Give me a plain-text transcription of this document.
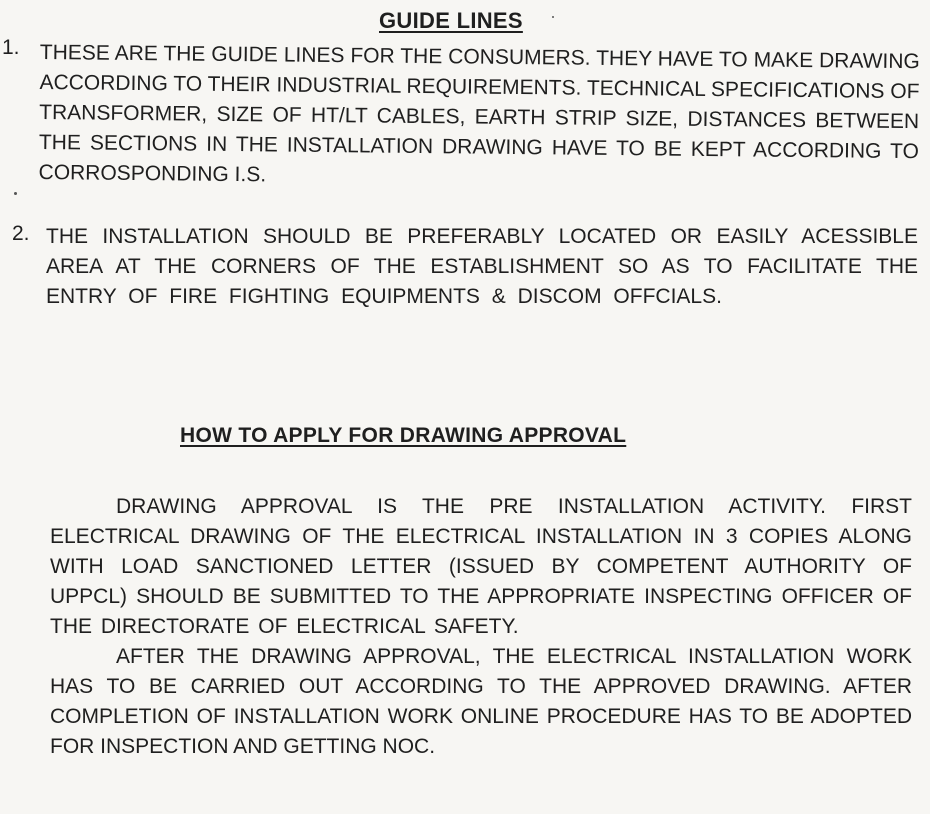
GUIDE LINES
1. THESE ARE THE GUIDE LINES FOR THE CONSUMERS. THEY HAVE TO MAKE DRAWING ACCORDING TO THEIR INDUSTRIAL REQUIREMENTS. TECHNICAL SPECIFICATIONS OF TRANSFORMER, SIZE OF HT/LT CABLES, EARTH STRIP SIZE, DISTANCES BETWEEN THE SECTIONS IN THE INSTALLATION DRAWING HAVE TO BE KEPT ACCORDING TO CORROSPONDING I.S.
2. THE INSTALLATION SHOULD BE PREFERABLY LOCATED OR EASILY ACESSIBLE AREA AT THE CORNERS OF THE ESTABLISHMENT SO AS TO FACILITATE THE ENTRY OF FIRE FIGHTING EQUIPMENTS & DISCOM OFFCIALS.
HOW TO APPLY FOR DRAWING APPROVAL
DRAWING APPROVAL IS THE PRE INSTALLATION ACTIVITY. FIRST ELECTRICAL DRAWING OF THE ELECTRICAL INSTALLATION IN 3 COPIES ALONG WITH LOAD SANCTIONED LETTER (ISSUED BY COMPETENT AUTHORITY OF UPPCL) SHOULD BE SUBMITTED TO THE APPROPRIATE INSPECTING OFFICER OF THE DIRECTORATE OF ELECTRICAL SAFETY.
AFTER THE DRAWING APPROVAL, THE ELECTRICAL INSTALLATION WORK HAS TO BE CARRIED OUT ACCORDING TO THE APPROVED DRAWING. AFTER COMPLETION OF INSTALLATION WORK ONLINE PROCEDURE HAS TO BE ADOPTED FOR INSPECTION AND GETTING NOC.
